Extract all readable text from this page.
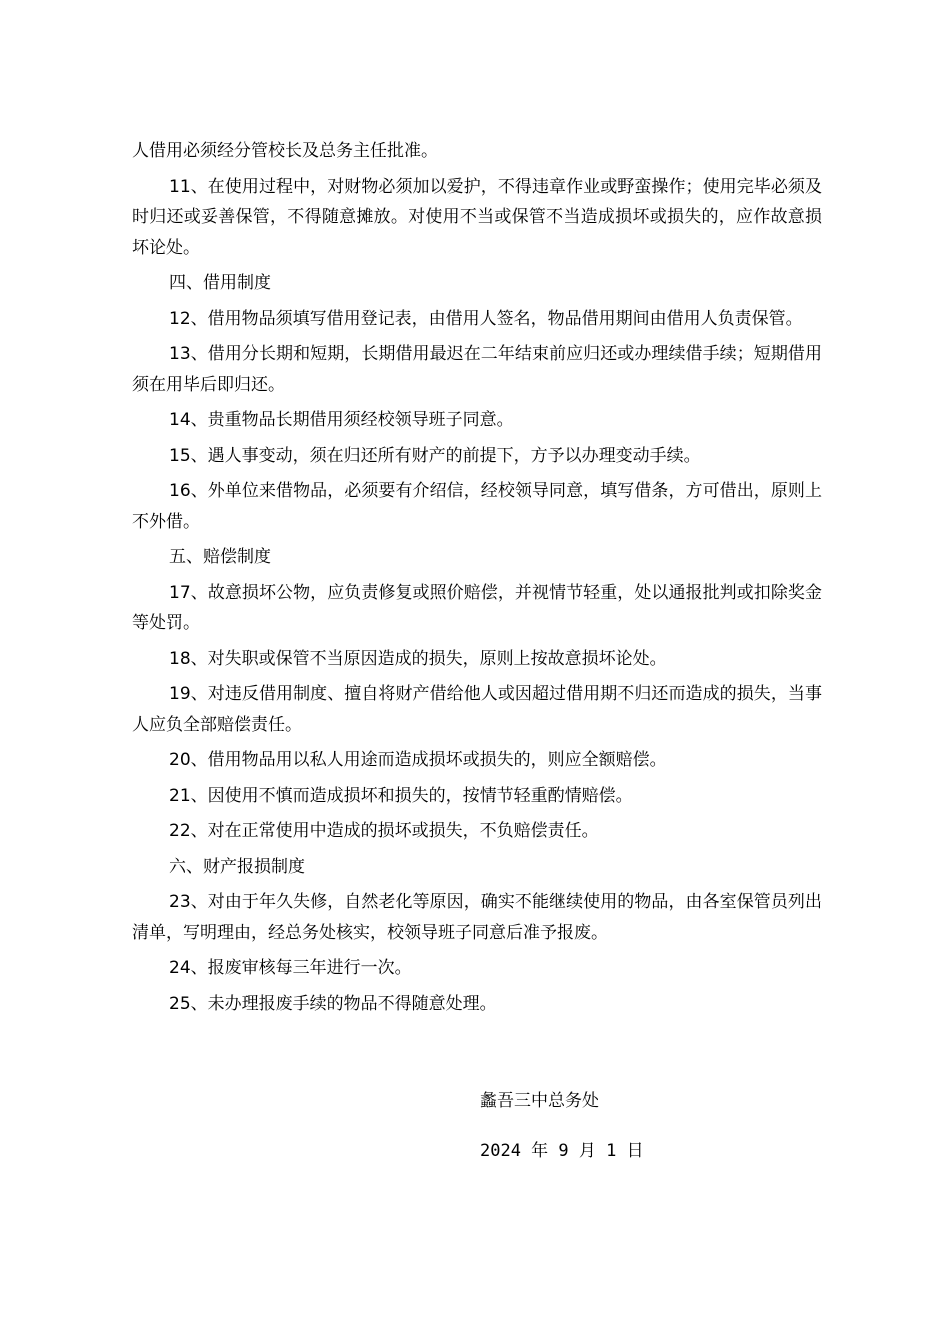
人借用必须经分管校长及总务主任批准。

11、在使用过程中，对财物必须加以爱护，不得违章作业或野蛮操作；使用完毕必须及时归还或妥善保管，不得随意摊放。对使用不当或保管不当造成损坏或损失的，应作故意损坏论处。

四、借用制度

12、借用物品须填写借用登记表，由借用人签名，物品借用期间由借用人负责保管。

13、借用分长期和短期，长期借用最迟在二年结束前应归还或办理续借手续；短期借用须在用毕后即归还。

14、贵重物品长期借用须经校领导班子同意。

15、遇人事变动，须在归还所有财产的前提下，方予以办理变动手续。

16、外单位来借物品，必须要有介绍信，经校领导同意，填写借条，方可借出，原则上不外借。

五、赔偿制度

17、故意损坏公物，应负责修复或照价赔偿，并视情节轻重，处以通报批判或扣除奖金等处罚。

18、对失职或保管不当原因造成的损失，原则上按故意损坏论处。

19、对违反借用制度、擅自将财产借给他人或因超过借用期不归还而造成的损失，当事人应负全部赔偿责任。

20、借用物品用以私人用途而造成损坏或损失的，则应全额赔偿。

21、因使用不慎而造成损坏和损失的，按情节轻重酌情赔偿。

22、对在正常使用中造成的损坏或损失，不负赔偿责任。

六、财产报损制度

23、对由于年久失修，自然老化等原因，确实不能继续使用的物品，由各室保管员列出清单，写明理由，经总务处核实，校领导班子同意后准予报废。

24、报废审核每三年进行一次。

25、未办理报废手续的物品不得随意处理。

蠡吾三中总务处

2024 年 9 月 1 日
